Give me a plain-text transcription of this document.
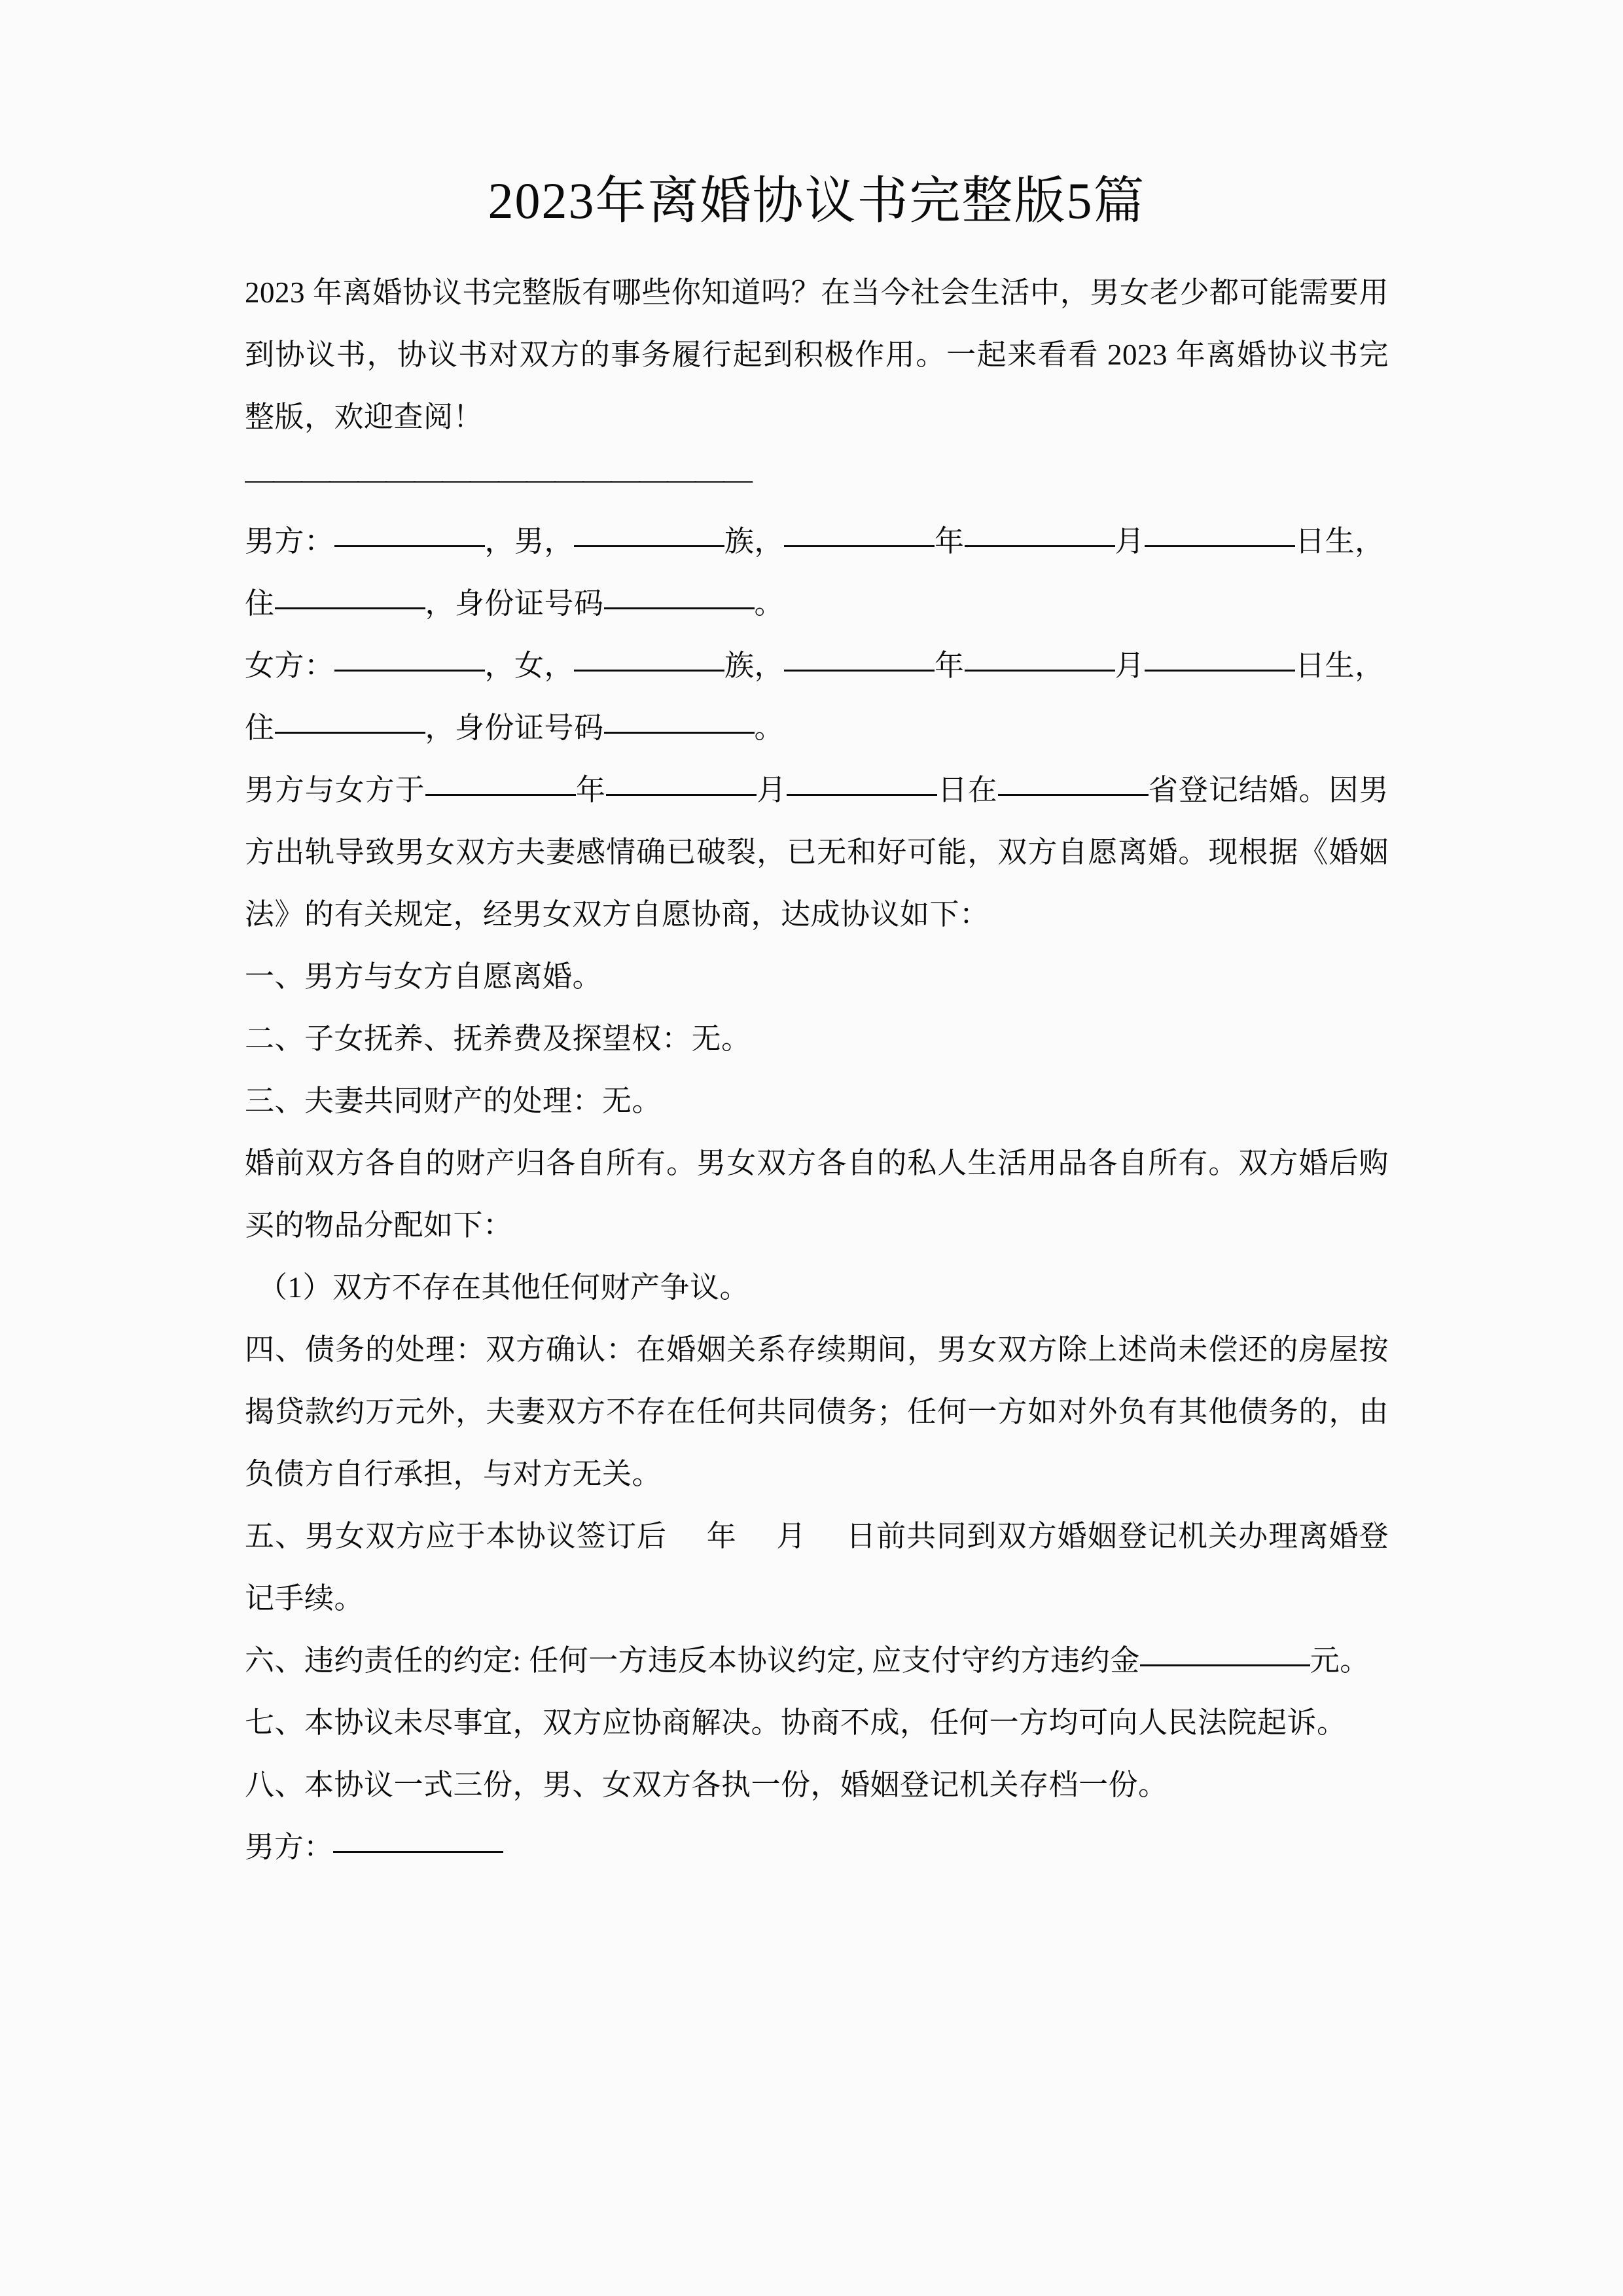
2023年离婚协议书完整版5篇

2023 年离婚协议书完整版有哪些你知道吗？在当今社会生活中，男女老少都可能需要用到协议书，协议书对双方的事务履行起到积极作用。一起来看看 2023 年离婚协议书完整版，欢迎查阅！

——————————————————

男方：	，男，	族，	年	月	日生，

住	，身份证号码	。

女方：	，女，	族，	年	月	日生，

住	，身份证号码	。

男方与女方于	年	月	日在	省登记结婚。因男方出轨导致男女双方夫妻感情确已破裂，已无和好可能，双方自愿离婚。现根据《婚姻法》的有关规定，经男女双方自愿协商，达成协议如下：

一、男方与女方自愿离婚。

二、子女抚养、抚养费及探望权：无。

三、夫妻共同财产的处理：无。

婚前双方各自的财产归各自所有。男女双方各自的私人生活用品各自所有。双方婚后购买的物品分配如下：

（1）双方不存在其他任何财产争议。

四、债务的处理：双方确认：在婚姻关系存续期间，男女双方除上述尚未偿还的房屋按揭贷款约万元外，夫妻双方不存在任何共同债务；任何一方如对外负有其他债务的，由负债方自行承担，与对方无关。

五、男女双方应于本协议签订后 年 月 日前共同到双方婚姻登记机关办理离婚登记手续。

六、违约责任的约定: 任何一方违反本协议约定, 应支付守约方违约金	元。

七、本协议未尽事宜，双方应协商解决。协商不成，任何一方均可向人民法院起诉。

八、本协议一式三份，男、女双方各执一份，婚姻登记机关存档一份。

男方：
